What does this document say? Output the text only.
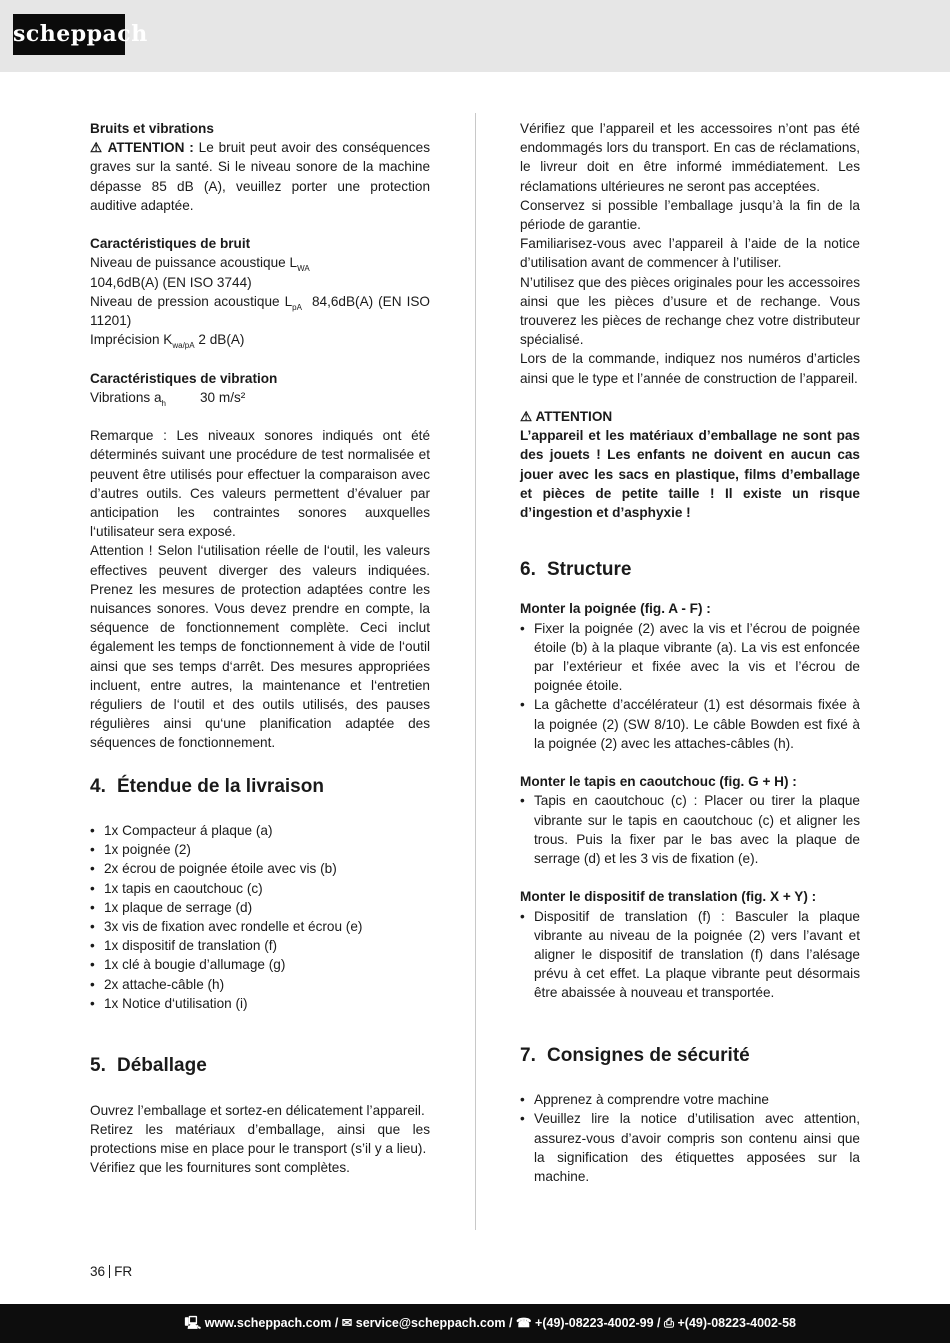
scheppach

Bruits et vibrations

⚠ ATTENTION : Le bruit peut avoir des conséquences graves sur la santé. Si le niveau sonore de la machine dépasse 85 dB (A), veuillez porter une protection auditive adaptée.

Caractéristiques de bruit

Niveau de puissance acoustique $L_{WA}$

104,6dB(A) (EN ISO 3744)

Niveau de pression acoustique $L_{pA}$ 84,6dB(A) (EN ISO 11201)

Imprécision $K_{wa/pA}$ 2 dB(A)

Caractéristiques de vibration

Vibrations $a_h$	30 m/s²

Remarque : Les niveaux sonores indiqués ont été déterminés suivant une procédure de test normalisée et peuvent être utilisés pour effectuer la comparaison avec d’autres outils. Ces valeurs permettent d’évaluer par anticipation les contraintes sonores auxquelles l‘utilisateur sera exposé.

Attention ! Selon l‘utilisation réelle de l‘outil, les valeurs effectives peuvent diverger des valeurs indiquées. Prenez les mesures de protection adaptées contre les nuisances sonores. Vous devez prendre en compte, la séquence de fonctionnement complète. Ceci inclut également les temps de fonctionnement à vide de l‘outil ainsi que ses temps d‘arrêt. Des mesures appropriées incluent, entre autres, la maintenance et l‘entretien réguliers de l‘outil et des outils utilisés, des pauses régulières ainsi qu‘une planification adaptée des séquences de fonctionnement.

4. Étendue de la livraison
• 1x Compacteur á plaque (a)
• 1x poignée (2)
• 2x écrou de poignée étoile avec vis (b)
• 1x tapis en caoutchouc (c)
• 1x plaque de serrage (d)
• 3x vis de fixation avec rondelle et écrou (e)
• 1x dispositif de translation (f)
• 1x clé à bougie d’allumage (g)
• 2x attache-câble (h)
• 1x Notice d‘utilisation (i)
5. Déballage

Ouvrez l’emballage et sortez-en délicatement l’appareil.

Retirez les matériaux d’emballage, ainsi que les protections mise en place pour le transport (s’il y a lieu).

Vérifiez que les fournitures sont complètes.

Vérifiez que l’appareil et les accessoires n’ont pas été endommagés lors du transport. En cas de réclamations, le livreur doit en être informé immédiatement. Les réclamations ultérieures ne seront pas acceptées.

Conservez si possible l’emballage jusqu’à la fin de la période de garantie.

Familiarisez-vous avec l’appareil à l’aide de la notice d’utilisation avant de commencer à l’utiliser.

N’utilisez que des pièces originales pour les accessoires ainsi que les pièces d’usure et de rechange. Vous trouverez les pièces de rechange chez votre distributeur spécialisé.

Lors de la commande, indiquez nos numéros d’articles ainsi que le type et l’année de construction de l’appareil.

⚠ ATTENTION

L’appareil et les matériaux d’emballage ne sont pas des jouets ! Les enfants ne doivent en aucun cas jouer avec les sacs en plastique, films d’emballage et pièces de petite taille ! Il existe un risque d’ingestion et d’asphyxie !

6. Structure

Monter la poignée (fig. A - F) :

• Fixer la poignée (2) avec la vis et l’écrou de poignée étoile (b) à la plaque vibrante (a). La vis est enfoncée par l’extérieur et fixée avec la vis et l’écrou de poignée étoile.
• La gâchette d’accélérateur (1) est désormais fixée à la poignée (2) (SW 8/10). Le câble Bowden est fixé à la poignée (2) avec les attaches-câbles (h).

Monter le tapis en caoutchouc (fig. G + H) :

• Tapis en caoutchouc (c) : Placer ou tirer la plaque vibrante sur le tapis en caoutchouc (c) et aligner les trous. Puis la fixer par le bas avec la plaque de serrage (d) et les 3 vis de fixation (e).

Monter le dispositif de translation (fig. X + Y) :

• Dispositif de translation (f) : Basculer la plaque vibrante au niveau de la poignée (2) vers l’avant et aligner le dispositif de translation (f) dans l’alésage prévu à cet effet. La plaque vibrante peut désormais être abaissée à nouveau et transportée.
7. Consignes de sécurité
• Apprenez à comprendre votre machine
• Veuillez lire la notice d’utilisation avec attention, assurez-vous d’avoir compris son contenu ainsi que la signification des étiquettes apposées sur la machine.
36 FR
🖳︎ www.scheppach.com / ✉︎ service@scheppach.com / ☎︎ +(49)-08223-4002-99 / ⎙ +(49)-08223-4002-58
